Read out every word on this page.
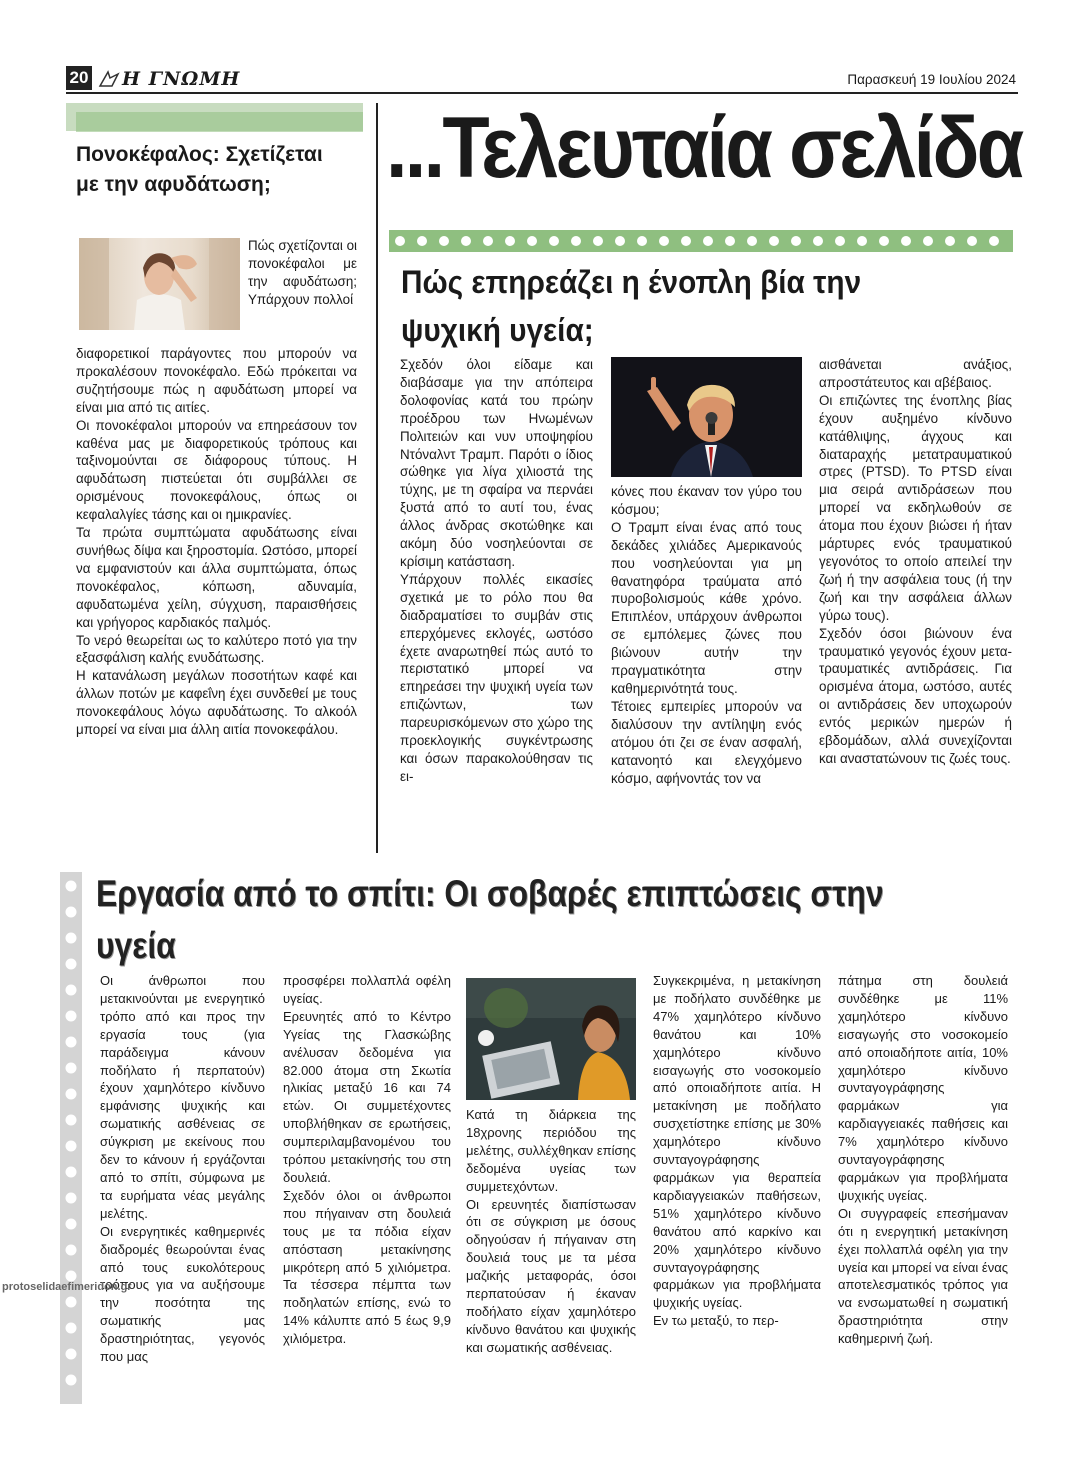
20 Η ΓΝΩΜΗ	Παρασκευή 19 Ιουλίου 2024
...Τελευταία σελίδα
Πονοκέφαλος: Σχετίζεται με την αφυδάτωση;
Πώς σχετίζονται οι πονοκέφαλοι με την αφυδάτωση; Υπάρχουν πολλοί

διαφορετικοί παράγοντες που μπορούν να προκαλέσουν πονοκέφαλο. Εδώ πρόκειται να συζητήσουμε πώς η αφυδάτωση μπορεί να είναι μια από τις αιτίες.

Οι πονοκέφαλοι μπορούν να επηρεάσουν τον καθένα μας με διαφορετικούς τρόπους και ταξινομούνται σε διάφορους τύπους. Η αφυδάτωση πιστεύεται ότι συμβάλλει σε ορισμένους πονοκεφάλους, όπως οι κεφαλαλγίες τάσης και οι ημικρανίες.

Τα πρώτα συμπτώματα αφυδάτωσης είναι συνήθως δίψα και ξηροστομία. Ωστόσο, μπορεί να εμφανιστούν και άλλα συμπτώματα, όπως πονοκέφαλος, κόπωση, αδυναμία, αφυδατωμένα χείλη, σύγχυση, παραισθήσεις και γρήγορος καρδιακός παλμός.

Το νερό θεωρείται ως το καλύτερο ποτό για την εξασφάλιση καλής ενυδάτωσης.

Η κατανάλωση μεγάλων ποσοτήτων καφέ και άλλων ποτών με καφεΐνη έχει συνδεθεί με τους πονοκεφάλους λόγω αφυδάτωσης. Το αλκοόλ μπορεί να είναι μια άλλη αιτία πονοκεφάλου.

Πώς επηρεάζει η ένοπλη βία την ψυχική υγεία;

Σχεδόν όλοι είδαμε και διαβάσαμε για την απόπειρα δολοφονίας κατά του πρώην προέδρου των Ηνωμένων Πολιτειών και νυν υποψηφίου Ντόναλντ Τραμπ. Παρότι ο ίδιος σώθηκε για λίγα χιλιοστά της τύχης, με τη σφαίρα να περνάει ξυστά από το αυτί του, ένας άλλος άνδρας σκοτώθηκε και ακόμη δύο νοσηλεύονται σε κρίσιμη κατάσταση.

Υπάρχουν πολλές εικασίες σχετικά με το ρόλο που θα διαδραματίσει το συμβάν στις επερχόμενες εκλογές, ωστόσο έχετε αναρωτηθεί πώς αυτό το περιστατικό μπορεί να επηρεάσει την ψυχική υγεία των επιζώντων, των παρευρισκόμενων στο χώρο της προεκλογικής συγκέντρωσης και όσων παρακολούθησαν τις ει-

κόνες που έκαναν τον γύρο του κόσμου;

Ο Τραμπ είναι ένας από τους δεκάδες χιλιάδες Αμερικανούς που νοσηλεύονται για μη θανατηφόρα τραύματα από πυροβολισμούς κάθε χρόνο. Επιπλέον, υπάρχουν άνθρωποι σε εμπόλεμες ζώνες που βιώνουν αυτήν την πραγματικότητα στην καθημερινότητά τους.

Τέτοιες εμπειρίες μπορούν να διαλύσουν την αντίληψη ενός ατόμου ότι ζει σε έναν ασφαλή, κατανοητό και ελεγχόμενο κόσμο, αφήνοντάς τον να

αισθάνεται ανάξιος, απροστάτευτος και αβέβαιος.

Οι επιζώντες της ένοπλης βίας έχουν αυξημένο κίνδυνο κατάθλιψης, άγχους και διαταραχής μετατραυματικού στρες (PTSD). Το PTSD είναι μια σειρά αντιδράσεων που μπορεί να εκδηλωθούν σε άτομα που έχουν βιώσει ή ήταν μάρτυρες ενός τραυματικού γεγονότος το οποίο απειλεί την ζωή ή την ασφάλεια τους (ή την ζωή και την ασφάλεια άλλων γύρω τους).

Σχεδόν όσοι βιώνουν ένα τραυματικό γεγονός έχουν μετα- τραυματικές αντιδράσεις. Για ορισμένα άτομα, ωστόσο, αυτές οι αντιδράσεις δεν υποχωρούν εντός μερικών ημερών ή εβδομάδων, αλλά συνεχίζονται και αναστατώνουν τις ζωές τους.

Εργασία από το σπίτι: Οι σοβαρές επιπτώσεις στην υγεία

Οι άνθρωποι που μετακινούνται με ενεργητικό τρόπο από και προς την εργασία τους (για παράδειγμα κάνουν ποδήλατο ή περπατούν) έχουν χαμηλότερο κίνδυνο εμφάνισης ψυχικής και σωματικής ασθένειας σε σύγκριση με εκείνους που δεν το κάνουν ή εργάζονται από το σπίτι, σύμφωνα με τα ευρήματα νέας μεγάλης μελέτης.

Οι ενεργητικές καθημερινές διαδρομές θεωρούνται ένας από τους ευκολότερους τρόπους για να αυξήσουμε την ποσότητα της σωματικής μας δραστηριότητας, γεγονός που μας

προσφέρει πολλαπλά οφέλη υγείας.

Ερευνητές από το Κέντρο Υγείας της Γλασκώβης ανέλυσαν δεδομένα για 82.000 άτομα στη Σκωτία ηλικίας μεταξύ 16 και 74 ετών. Οι συμμετέχοντες υποβλήθηκαν σε ερωτήσεις, συμπεριλαμβανομένου του τρόπου μετακίνησής του στη δουλειά.

Σχεδόν όλοι οι άνθρωποι που πήγαιναν στη δουλειά τους με τα πόδια είχαν απόσταση μετακίνησης μικρότερη από 5 χιλιόμετρα. Τα τέσσερα πέμπτα των ποδηλατών επίσης, ενώ το 14% κάλυπτε από 5 έως 9,9 χιλιόμετρα.

Κατά τη διάρκεια της 18χρονης περιόδου της μελέτης, συλλέχθηκαν επίσης δεδομένα υγείας των συμμετεχόντων.

Οι ερευνητές διαπίστωσαν ότι σε σύγκριση με όσους οδηγούσαν ή πήγαιναν στη δουλειά τους με τα μέσα μαζικής μεταφοράς, όσοι περπατούσαν ή έκαναν ποδήλατο είχαν χαμηλότερο κίνδυνο θανάτου και ψυχικής και σωματικής ασθένειας.

Συγκεκριμένα, η μετακίνηση με ποδήλατο συνδέθηκε με 47% χαμηλότερο κίνδυνο θανάτου και 10% χαμηλότερο κίνδυνο εισαγωγής στο νοσοκομείο από οποιαδήποτε αιτία. Η μετακίνηση με ποδήλατο συσχετίστηκε επίσης με 30% χαμηλότερο κίνδυνο συνταγογράφησης φαρμάκων για θεραπεία καρδιαγγειακών παθήσεων, 51% χαμηλότερο κίνδυνο θανάτου από καρκίνο και 20% χαμηλότερο κίνδυνο συνταγογράφησης φαρμάκων για προβλήματα ψυχικής υγείας.

Εν τω μεταξύ, το περ-

πάτημα στη δουλειά συνδέθηκε με 11% χαμηλότερο κίνδυνο εισαγωγής στο νοσοκομείο από οποιαδήποτε αιτία, 10% χαμηλότερο κίνδυνο συνταγογράφησης φαρμάκων για καρδιαγγειακές παθήσεις και 7% χαμηλότερο κίνδυνο συνταγογράφησης φαρμάκων για προβλήματα ψυχικής υγείας.

Οι συγγραφείς επεσήμαναν ότι η ενεργητική μετακίνηση έχει πολλαπλά οφέλη για την υγεία και μπορεί να είναι ένας αποτελεσματικός τρόπος για να ενσωματωθεί η σωματική δραστηριότητα στην καθημερινή ζωή.

protoselidaefimeridon.gr
